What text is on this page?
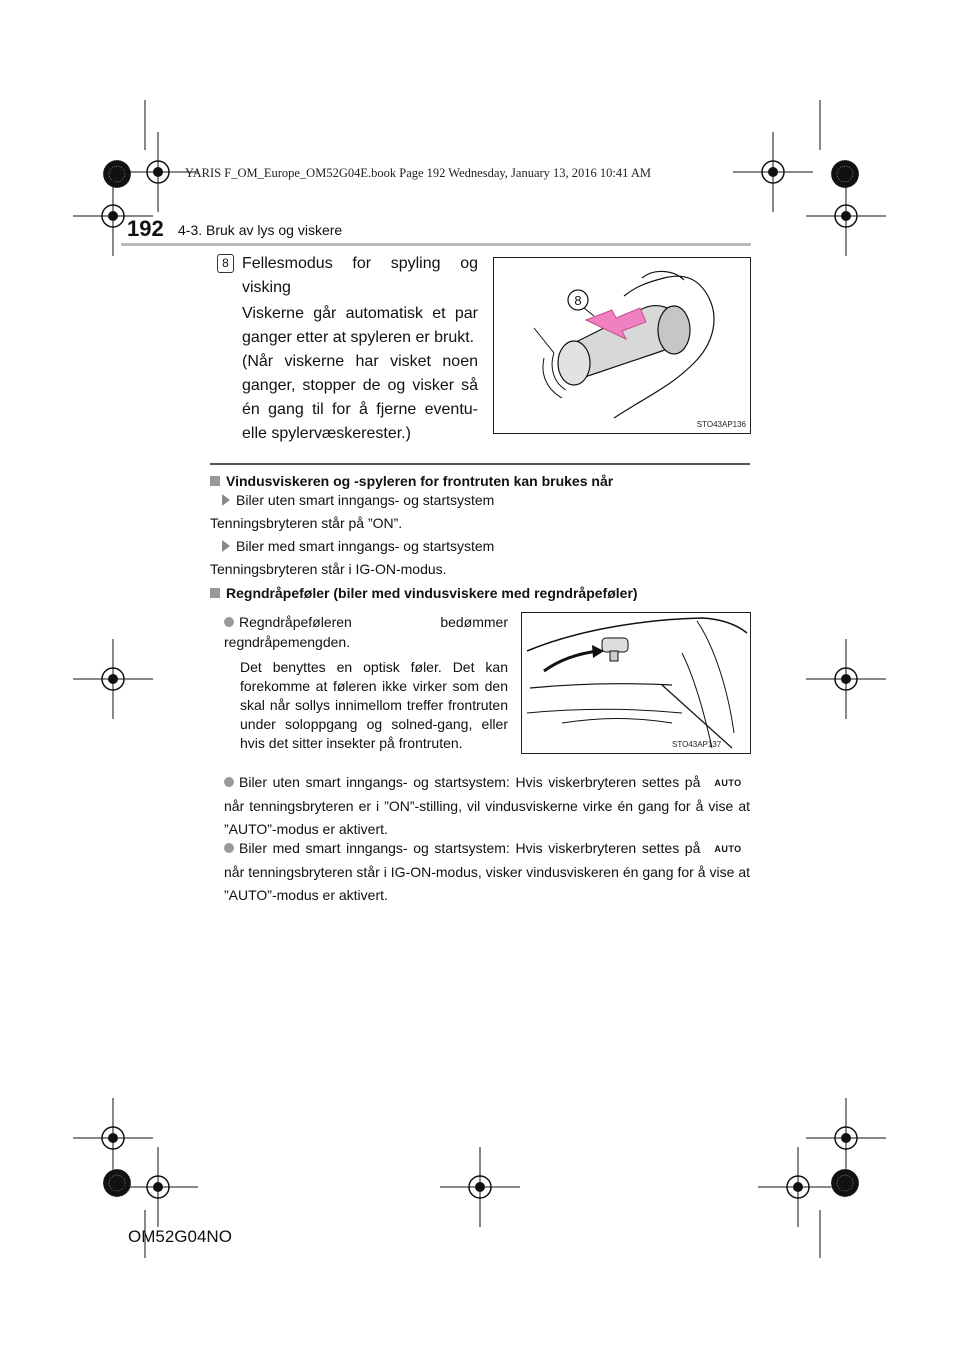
YARIS F_OM_Europe_OM52G04E.book Page 192 Wednesday, January 13, 2016 10:41 AM
192 4-3. Bruk av lys og viskere
8 Fellesmodus for spyling og visking
Viskerne går automatisk et par ganger etter at spyleren er brukt.
(Når viskerne har visket noen ganger, stopper de og visker så én gang til for å fjerne eventu-elle spylervæskerester.)
8
STO43AP136
Vindusviskeren og -spyleren for frontruten kan brukes når
Biler uten smart inngangs- og startsystem
Tenningsbryteren står på ”ON”.
Biler med smart inngangs- og startsystem
Tenningsbryteren står i IG-ON-modus.
Regndråpeføler (biler med vindusviskere med regndråpeføler)
Regndråpeføleren bedømmer regndråpemengden.
Det benyttes en optisk føler. Det kan forekomme at føleren ikke virker som den skal når sollys innimellom treffer frontruten under soloppgang og solned-gang, eller hvis det sitter insekter på frontruten.	STO43AP137
Biler uten smart inngangs- og startsystem: Hvis viskerbryteren settes på AUTO når tenningsbryteren er i ”ON”-stilling, vil vindusviskerne virke én gang for å vise at ”AUTO”-modus er aktivert.
Biler med smart inngangs- og startsystem: Hvis viskerbryteren settes på AUTO når tenningsbryteren står i IG-ON-modus, visker vindusviskeren én gang for å vise at ”AUTO”-modus er aktivert.
OM52G04NO
